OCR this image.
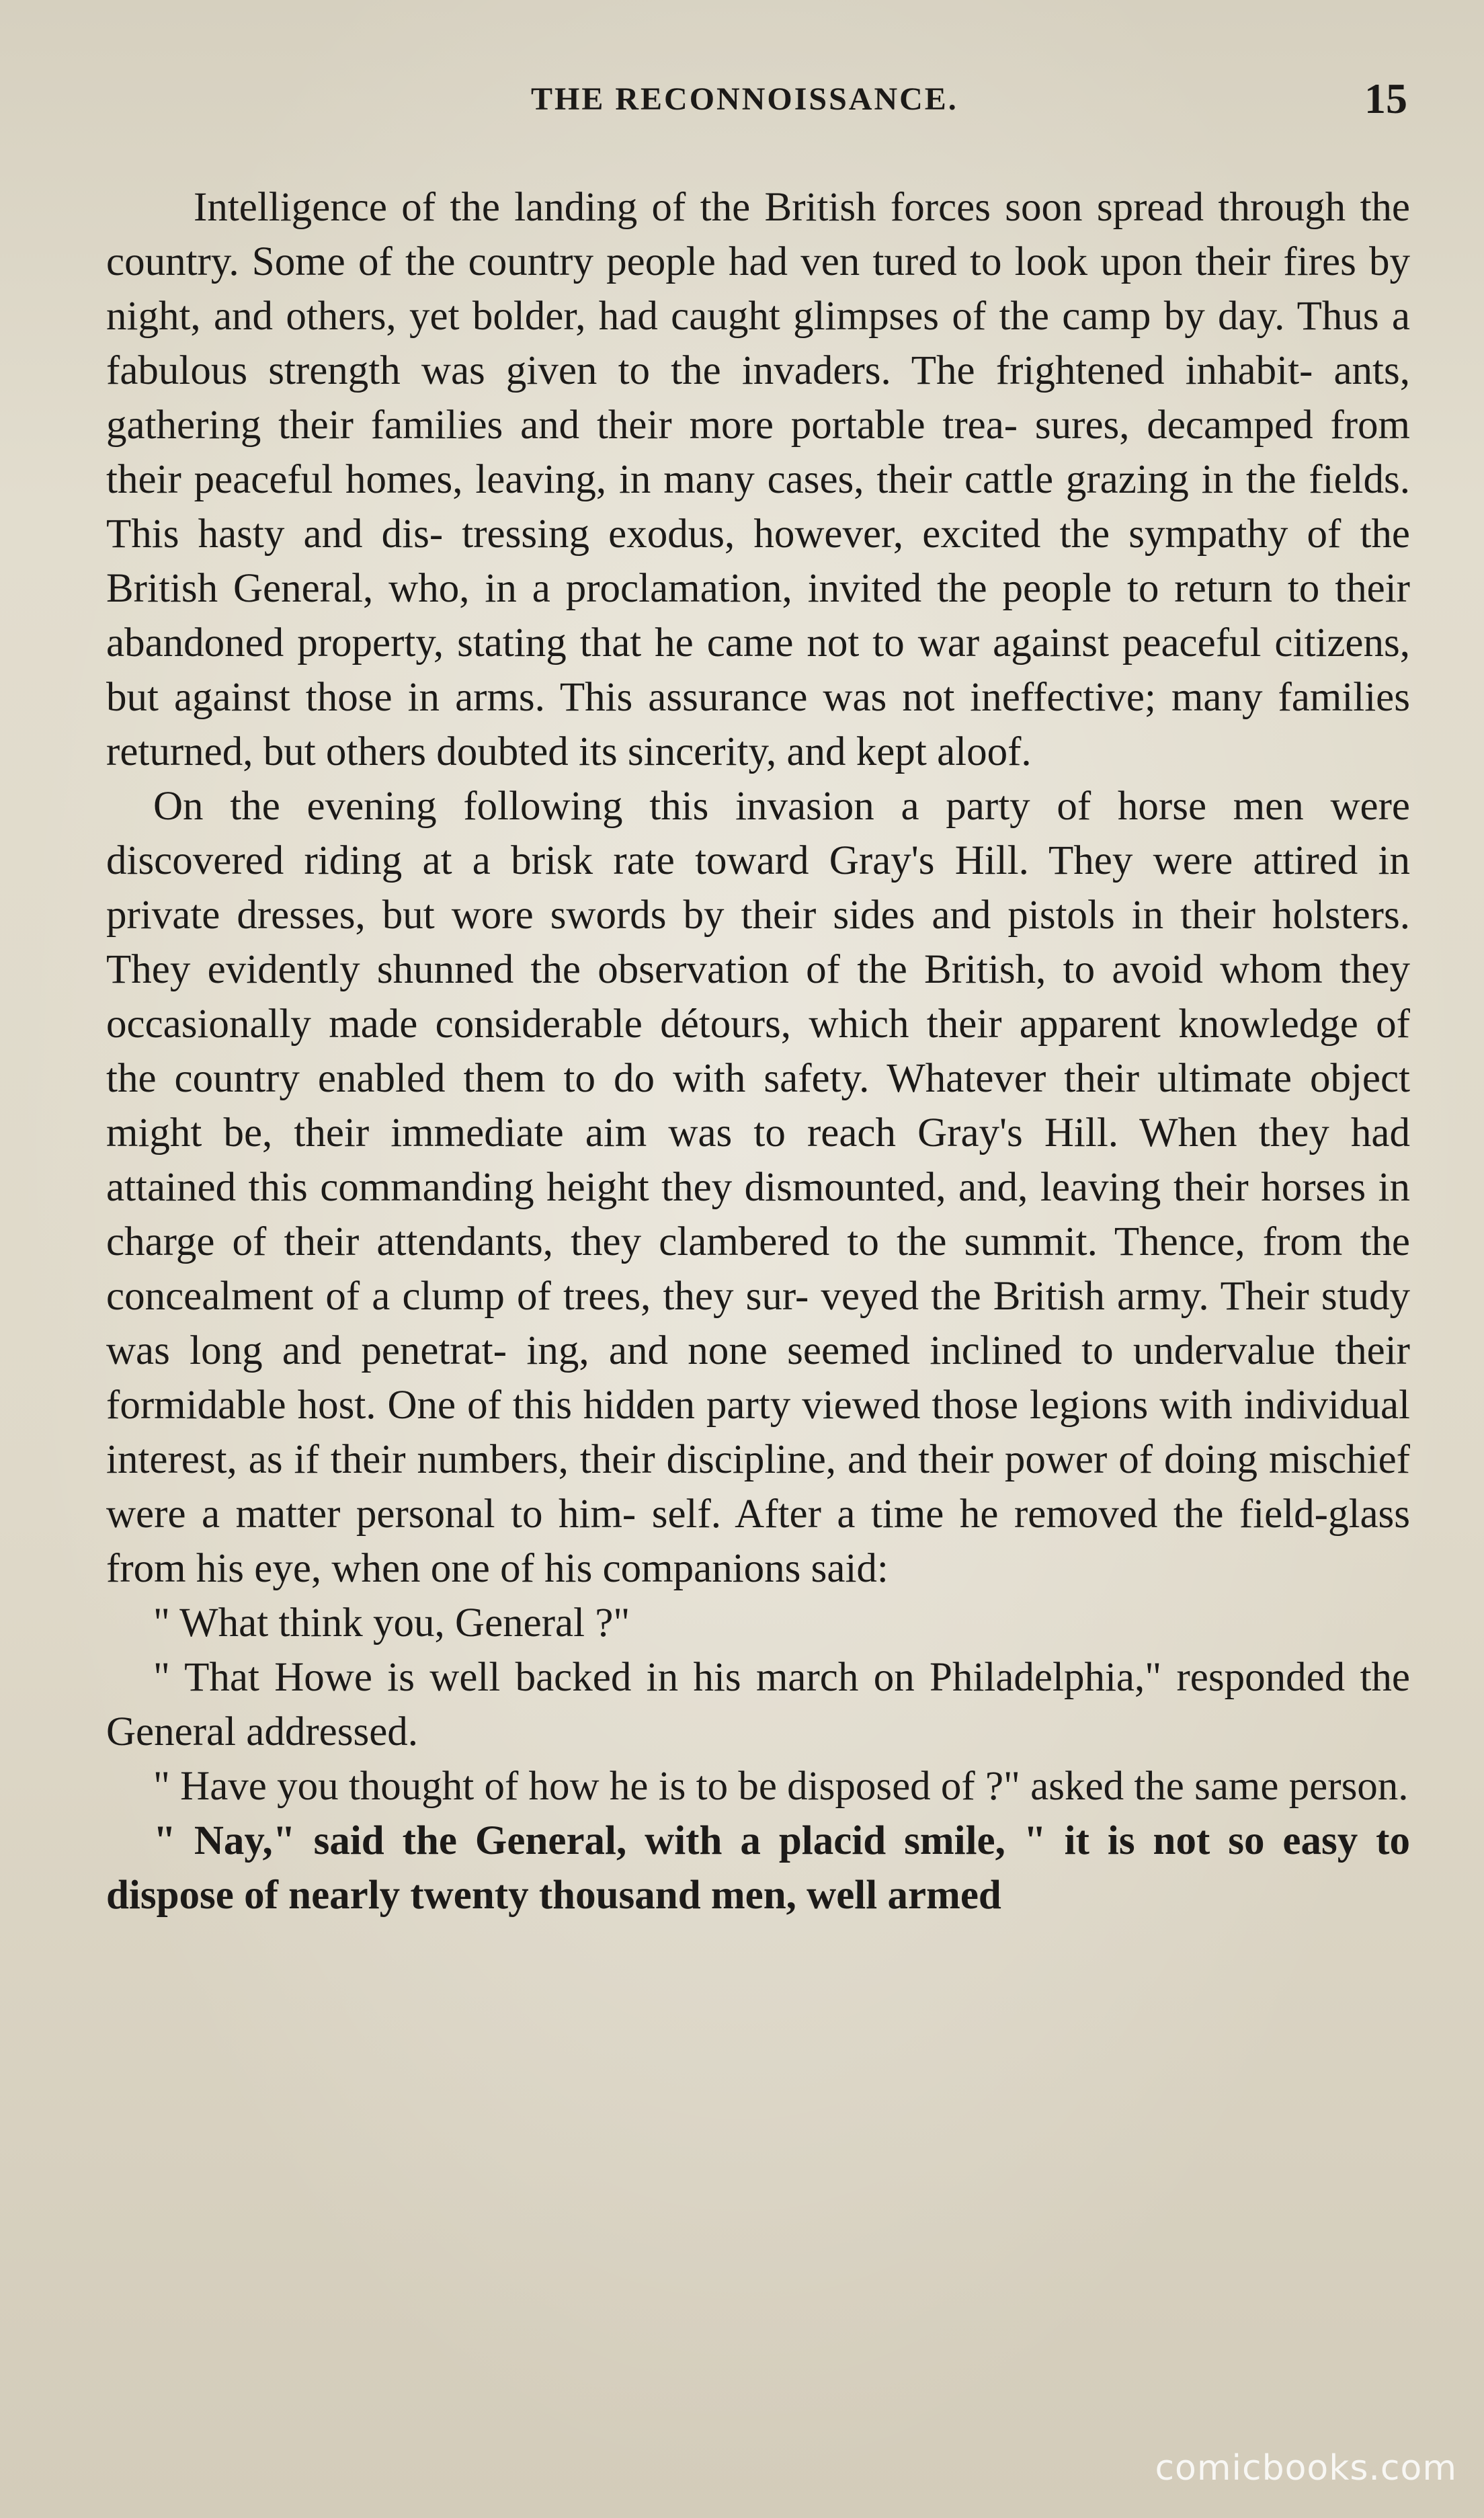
THE RECONNOISSANCE.	15

Intelligence of the landing of the British forces soon spread through the country. Some of the country people had ven tured to look upon their fires by night, and others, yet bolder, had caught glimpses of the camp by day. Thus a fabulous strength was given to the invaders. The frightened inhabit- ants, gathering their families and their more portable trea- sures, decamped from their peaceful homes, leaving, in many cases, their cattle grazing in the fields. This hasty and dis- tressing exodus, however, excited the sympathy of the British General, who, in a proclamation, invited the people to return to their abandoned property, stating that he came not to war against peaceful citizens, but against those in arms. This assurance was not ineffective; many families returned, but others doubted its sincerity, and kept aloof.

On the evening following this invasion a party of horse men were discovered riding at a brisk rate toward Gray's Hill. They were attired in private dresses, but wore swords by their sides and pistols in their holsters. They evidently shunned the observation of the British, to avoid whom they occasionally made considerable détours, which their apparent knowledge of the country enabled them to do with safety. Whatever their ultimate object might be, their immediate aim was to reach Gray's Hill. When they had attained this commanding height they dismounted, and, leaving their horses in charge of their attendants, they clambered to the summit. Thence, from the concealment of a clump of trees, they sur- veyed the British army. Their study was long and penetrat- ing, and none seemed inclined to undervalue their formidable host. One of this hidden party viewed those legions with individual interest, as if their numbers, their discipline, and their power of doing mischief were a matter personal to him- self. After a time he removed the field-glass from his eye, when one of his companions said:

" What think you, General ?"

" That Howe is well backed in his march on Philadelphia," responded the General addressed.

" Have you thought of how he is to be disposed of ?" asked the same person.

" Nay," said the General, with a placid smile, " it is not so easy to dispose of nearly twenty thousand men, well armed

comicbooks.com
